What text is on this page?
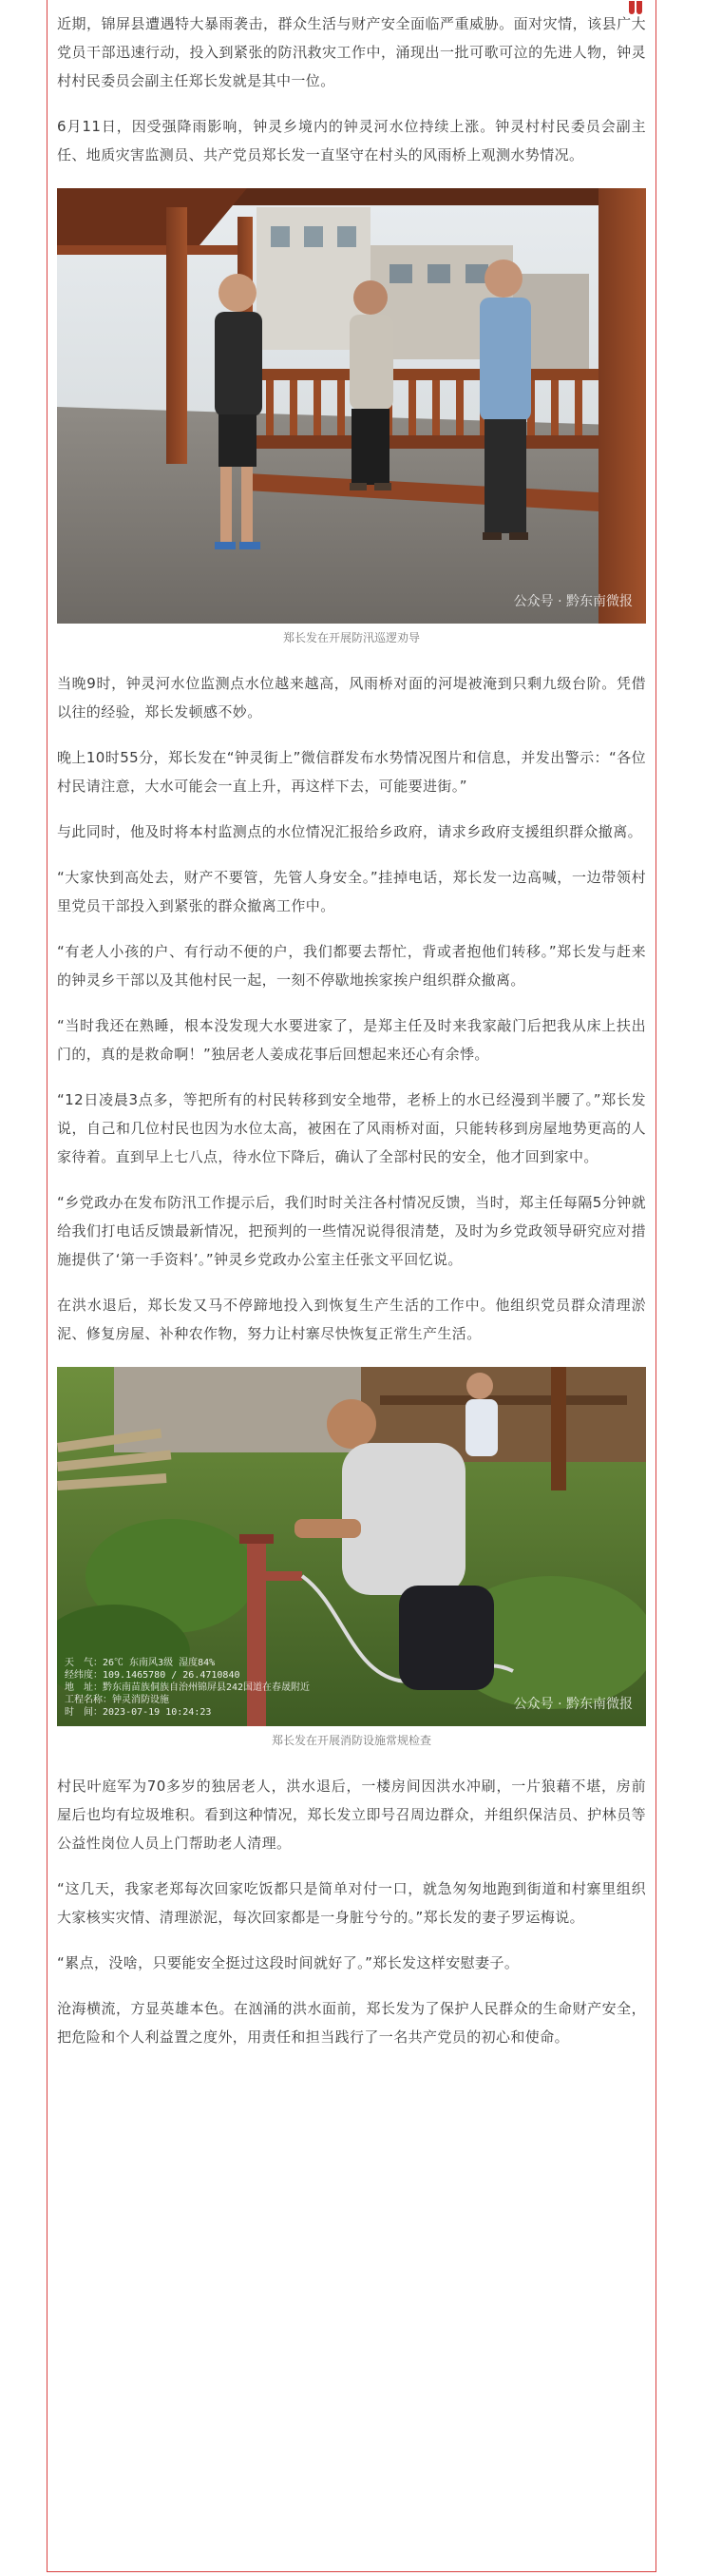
近期，锦屏县遭遇特大暴雨袭击，群众生活与财产安全面临严重威胁。面对灾情，该县广大党员干部迅速行动，投入到紧张的防汛救灾工作中，涌现出一批可歌可泣的先进人物，钟灵村村民委员会副主任郑长发就是其中一位。

6月11日，因受强降雨影响，钟灵乡境内的钟灵河水位持续上涨。钟灵村村民委员会副主任、地质灾害监测员、共产党员郑长发一直坚守在村头的风雨桥上观测水势情况。

公众号 · 黔东南微报
郑长发在开展防汛巡逻劝导

当晚9时，钟灵河水位监测点水位越来越高，风雨桥对面的河堤被淹到只剩九级台阶。凭借以往的经验，郑长发顿感不妙。

晚上10时55分，郑长发在“钟灵街上”微信群发布水势情况图片和信息，并发出警示：“各位村民请注意，大水可能会一直上升，再这样下去，可能要进街。”

与此同时，他及时将本村监测点的水位情况汇报给乡政府，请求乡政府支援组织群众撤离。

“大家快到高处去，财产不要管，先管人身安全。”挂掉电话，郑长发一边高喊，一边带领村里党员干部投入到紧张的群众撤离工作中。

“有老人小孩的户、有行动不便的户，我们都要去帮忙，背或者抱他们转移。”郑长发与赶来的钟灵乡干部以及其他村民一起，一刻不停歇地挨家挨户组织群众撤离。

“当时我还在熟睡，根本没发现大水要进家了，是郑主任及时来我家敲门后把我从床上扶出门的，真的是救命啊！”独居老人姜成花事后回想起来还心有余悸。

“12日凌晨3点多，等把所有的村民转移到安全地带，老桥上的水已经漫到半腰了。”郑长发说，自己和几位村民也因为水位太高，被困在了风雨桥对面，只能转移到房屋地势更高的人家待着。直到早上七八点，待水位下降后，确认了全部村民的安全，他才回到家中。

“乡党政办在发布防汛工作提示后，我们时时关注各村情况反馈，当时，郑主任每隔5分钟就给我们打电话反馈最新情况，把预判的一些情况说得很清楚，及时为乡党政领导研究应对措施提供了‘第一手资料’。”钟灵乡党政办公室主任张文平回忆说。

在洪水退后，郑长发又马不停蹄地投入到恢复生产生活的工作中。他组织党员群众清理淤泥、修复房屋、补种农作物，努力让村寨尽快恢复正常生产生活。

天　气：26℃ 东南风3级 湿度84%
经纬度：109.1465780 / 26.4710840
地　址：黔东南苗族侗族自治州锦屏县242国道在春晟附近
工程名称：钟灵消防设施
时　间：2023-07-19 10:24:23
公众号 · 黔东南微报
郑长发在开展消防设施常规检查

村民叶庭军为70多岁的独居老人，洪水退后，一楼房间因洪水冲刷，一片狼藉不堪，房前屋后也均有垃圾堆积。看到这种情况，郑长发立即号召周边群众，并组织保洁员、护林员等公益性岗位人员上门帮助老人清理。

“这几天，我家老郑每次回家吃饭都只是简单对付一口，就急匆匆地跑到街道和村寨里组织大家核实灾情、清理淤泥，每次回家都是一身脏兮兮的。”郑长发的妻子罗运梅说。

“累点，没啥，只要能安全挺过这段时间就好了。”郑长发这样安慰妻子。

沧海横流，方显英雄本色。在汹涌的洪水面前，郑长发为了保护人民群众的生命财产安全，把危险和个人利益置之度外，用责任和担当践行了一名共产党员的初心和使命。
